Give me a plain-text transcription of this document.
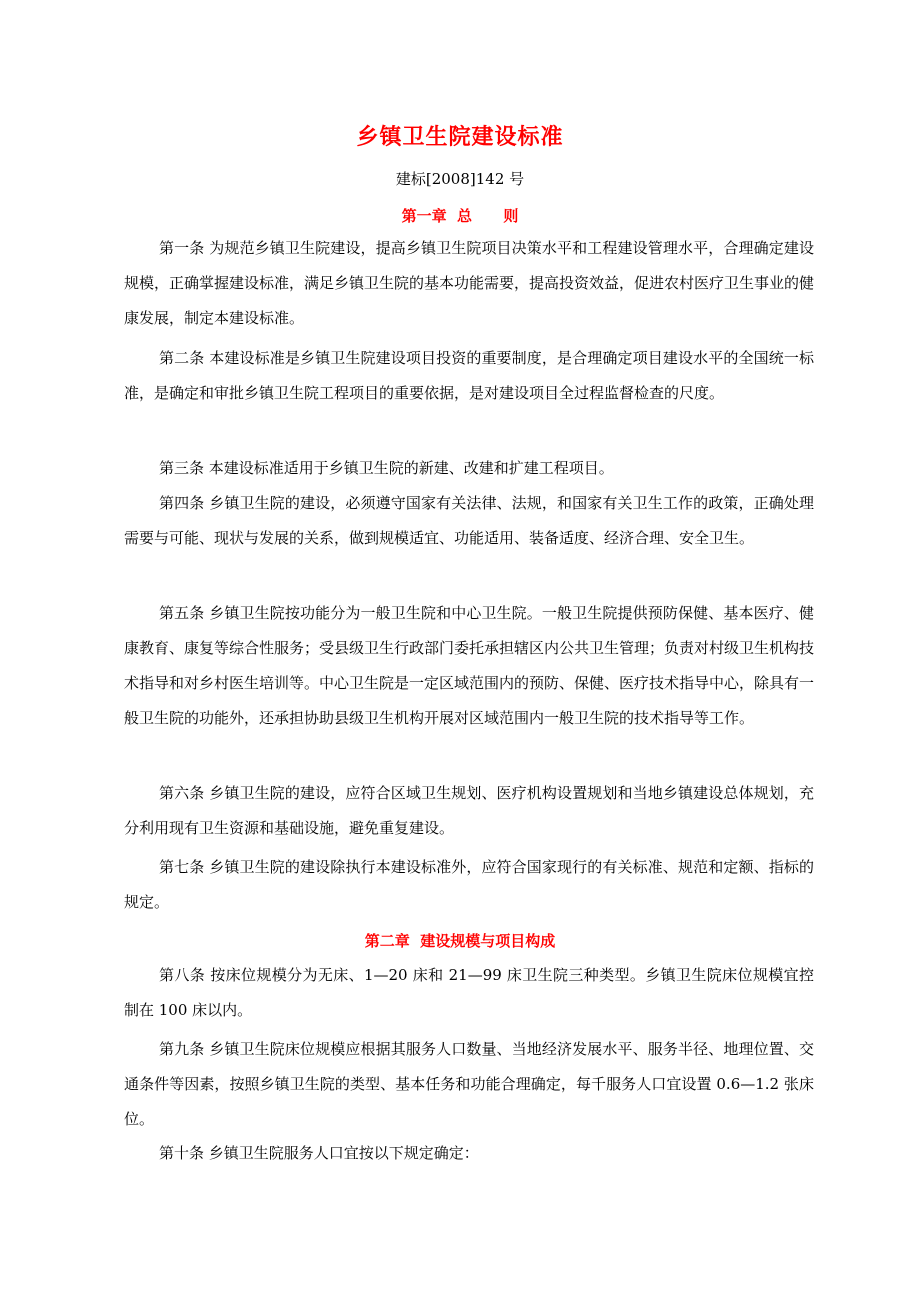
乡镇卫生院建设标准
建标[2008]142 号
第一章  总      则

第一条 为规范乡镇卫生院建设，提高乡镇卫生院项目决策水平和工程建设管理水平，合理确定建设规模，正确掌握建设标准，满足乡镇卫生院的基本功能需要，提高投资效益，促进农村医疗卫生事业的健康发展，制定本建设标准。

第二条 本建设标准是乡镇卫生院建设项目投资的重要制度，是合理确定项目建设水平的全国统一标准，是确定和审批乡镇卫生院工程项目的重要依据，是对建设项目全过程监督检查的尺度。

第三条 本建设标准适用于乡镇卫生院的新建、改建和扩建工程项目。

第四条 乡镇卫生院的建设，必须遵守国家有关法律、法规，和国家有关卫生工作的政策，正确处理需要与可能、现状与发展的关系，做到规模适宜、功能适用、装备适度、经济合理、安全卫生。

第五条 乡镇卫生院按功能分为一般卫生院和中心卫生院。一般卫生院提供预防保健、基本医疗、健康教育、康复等综合性服务；受县级卫生行政部门委托承担辖区内公共卫生管理；负责对村级卫生机构技术指导和对乡村医生培训等。中心卫生院是一定区域范围内的预防、保健、医疗技术指导中心，除具有一般卫生院的功能外，还承担协助县级卫生机构开展对区域范围内一般卫生院的技术指导等工作。

第六条 乡镇卫生院的建设，应符合区域卫生规划、医疗机构设置规划和当地乡镇建设总体规划，充分利用现有卫生资源和基础设施，避免重复建设。

第七条 乡镇卫生院的建设除执行本建设标准外，应符合国家现行的有关标准、规范和定额、指标的规定。

第二章  建设规模与项目构成

第八条 按床位规模分为无床、1—20 床和 21—99 床卫生院三种类型。乡镇卫生院床位规模宜控制在 100 床以内。

第九条 乡镇卫生院床位规模应根据其服务人口数量、当地经济发展水平、服务半径、地理位置、交通条件等因素，按照乡镇卫生院的类型、基本任务和功能合理确定，每千服务人口宜设置 0.6—1.2 张床位。

第十条 乡镇卫生院服务人口宜按以下规定确定：
